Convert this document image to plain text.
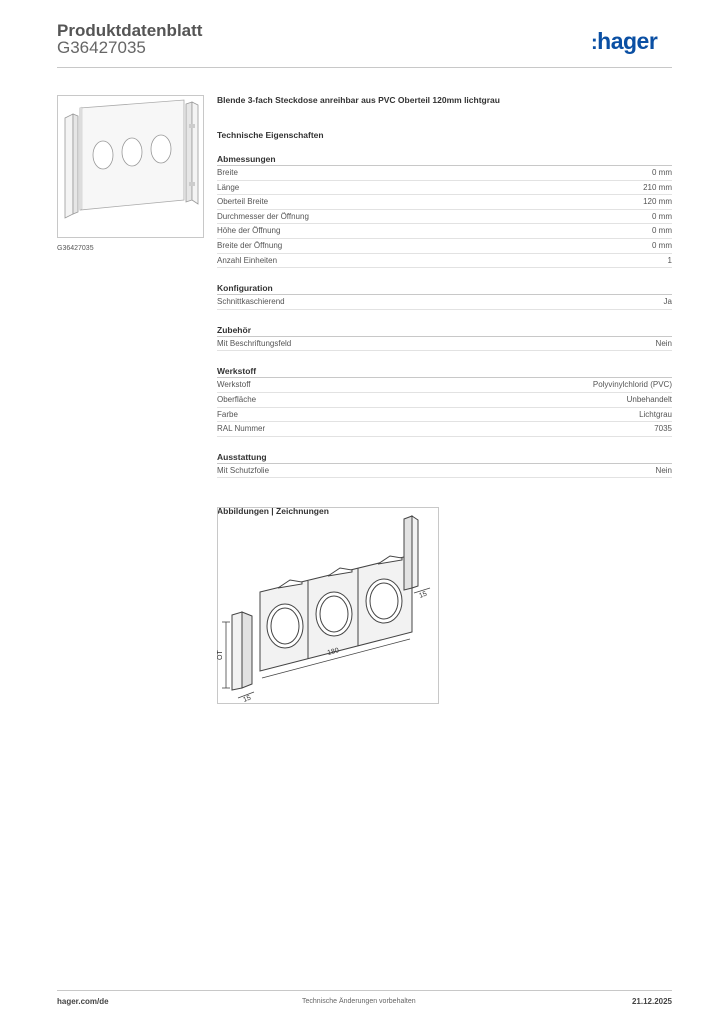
Produktdatenblatt
G36427035	:hager
G36427035
Blende 3-fach Steckdose anreihbar aus PVC Oberteil 120mm lichtgrau
Technische Eigenschaften
Abmessungen
Breite	0 mm
Länge	210 mm
Oberteil Breite	120 mm
Durchmesser der Öffnung	0 mm
Höhe der Öffnung	0 mm
Breite der Öffnung	0 mm
Anzahl Einheiten	1
Konfiguration
Schnittkaschierend	Ja
Zubehör
Mit Beschriftungsfeld	Nein
Werkstoff
Werkstoff	Polyvinylchlorid (PVC)
Oberfläche	Unbehandelt
Farbe	Lichtgrau
RAL Nummer	7035
Ausstattung
Mit Schutzfolie	Nein
Abbildungen | Zeichnungen
OT	180
15
15
hager.com/de	Technische Änderungen vorbehalten	21.12.2025
